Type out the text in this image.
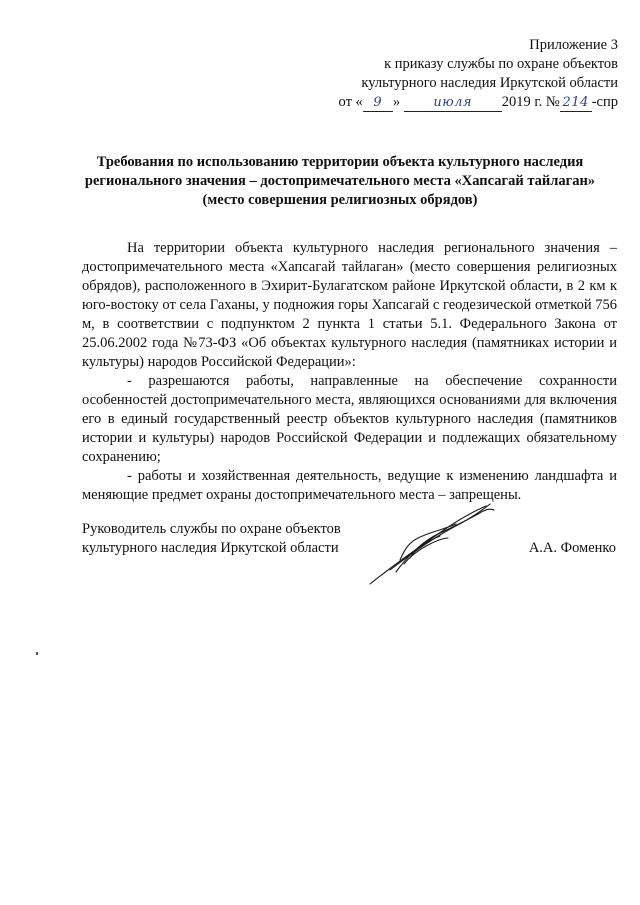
Приложение 3
к приказу службы по охране объектов
культурного наследия Иркутской области
от « 9 »	июля 2019 г. № 214 -спр
Требования по использованию территории объекта культурного наследия
регионального значения – достопримечательного места «Хапсагай тайлаган»
(место совершения религиозных обрядов)

На территории объекта культурного наследия регионального значения – достопримечательного места «Хапсагай тайлаган» (место совершения религиозных обрядов), расположенного в Эхирит-Булагатском районе Иркутской области, в 2 км к юго-востоку от села Гаханы, у подножия горы Хапсагай с геодезической отметкой 756 м, в соответствии с подпунктом 2 пункта 1 статьи 5.1. Федерального Закона от 25.06.2002 года №73-ФЗ «Об объектах культурного наследия (памятниках истории и культуры) народов Российской Федерации»:

- разрешаются работы, направленные на обеспечение сохранности особенностей достопримечательного места, являющихся основаниями для включения его в единый государственный реестр объектов культурного наследия (памятников истории и культуры) народов Российской Федерации и подлежащих обязательному сохранению;

- работы и хозяйственная деятельность, ведущие к изменению ландшафта и меняющие предмет охраны достопримечательного места – запрещены.

Руководитель службы по охране объектов
культурного наследия Иркутской области	А.А. Фоменко
